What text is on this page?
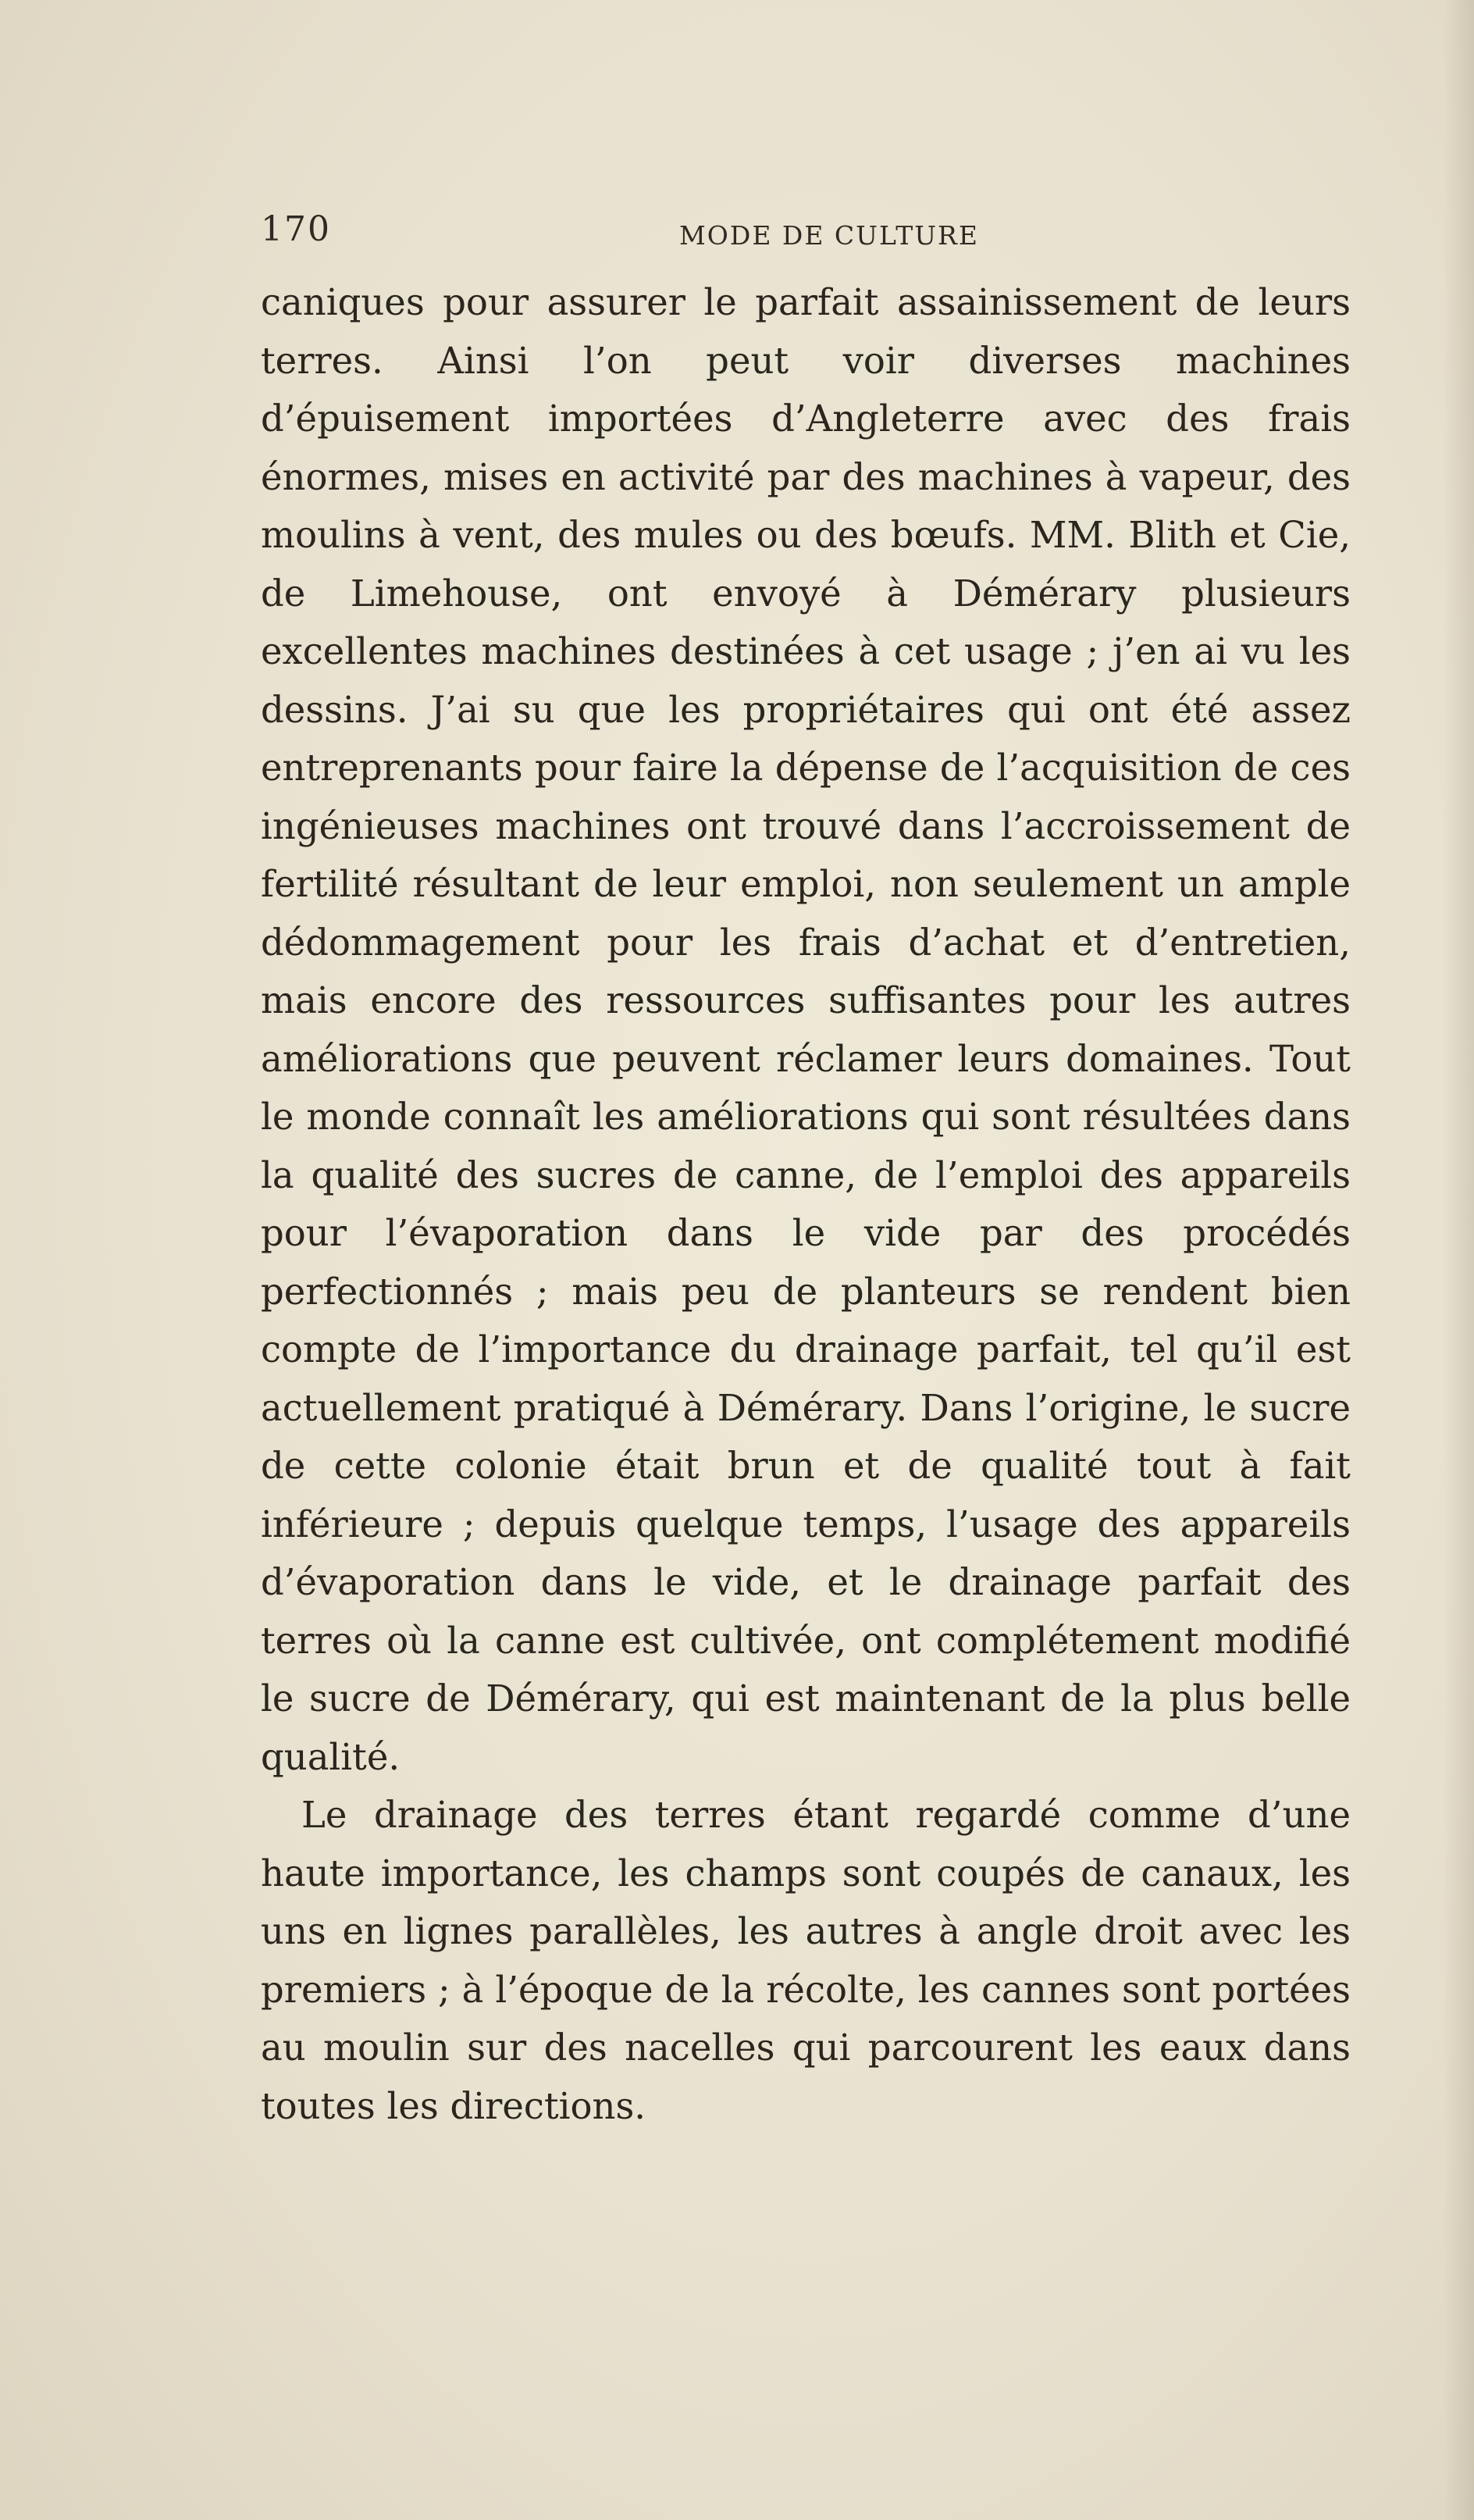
170	MODE DE CULTURE

caniques pour assurer le parfait assainissement de leurs terres. Ainsi l’on peut voir diverses machines d’épuisement importées d’Angleterre avec des frais énormes, mises en activité par des machines à vapeur, des moulins à vent, des mules ou des bœufs. MM. Blith et Cie, de Limehouse, ont envoyé à Démérary plusieurs excellentes machines destinées à cet usage ; j’en ai vu les dessins. J’ai su que les propriétaires qui ont été assez entreprenants pour faire la dépense de l’acquisition de ces ingénieuses machines ont trouvé dans l’accroissement de fertilité résultant de leur emploi, non seulement un ample dédommagement pour les frais d’achat et d’entretien, mais encore des ressources suffisantes pour les autres améliorations que peuvent réclamer leurs domaines. Tout le monde connaît les améliorations qui sont résultées dans la qualité des sucres de canne, de l’emploi des appareils pour l’évaporation dans le vide par des procédés perfectionnés ; mais peu de planteurs se rendent bien compte de l’importance du drainage parfait, tel qu’il est actuellement pratiqué à Démérary. Dans l’origine, le sucre de cette colonie était brun et de qualité tout à fait inférieure ; depuis quelque temps, l’usage des appareils d’évaporation dans le vide, et le drainage parfait des terres où la canne est cultivée, ont complétement modifié le sucre de Démérary, qui est maintenant de la plus belle qualité.

Le drainage des terres étant regardé comme d’une haute importance, les champs sont coupés de canaux, les uns en lignes parallèles, les autres à angle droit avec les premiers ; à l’époque de la récolte, les cannes sont portées au moulin sur des nacelles qui parcourent les eaux dans toutes les directions.
